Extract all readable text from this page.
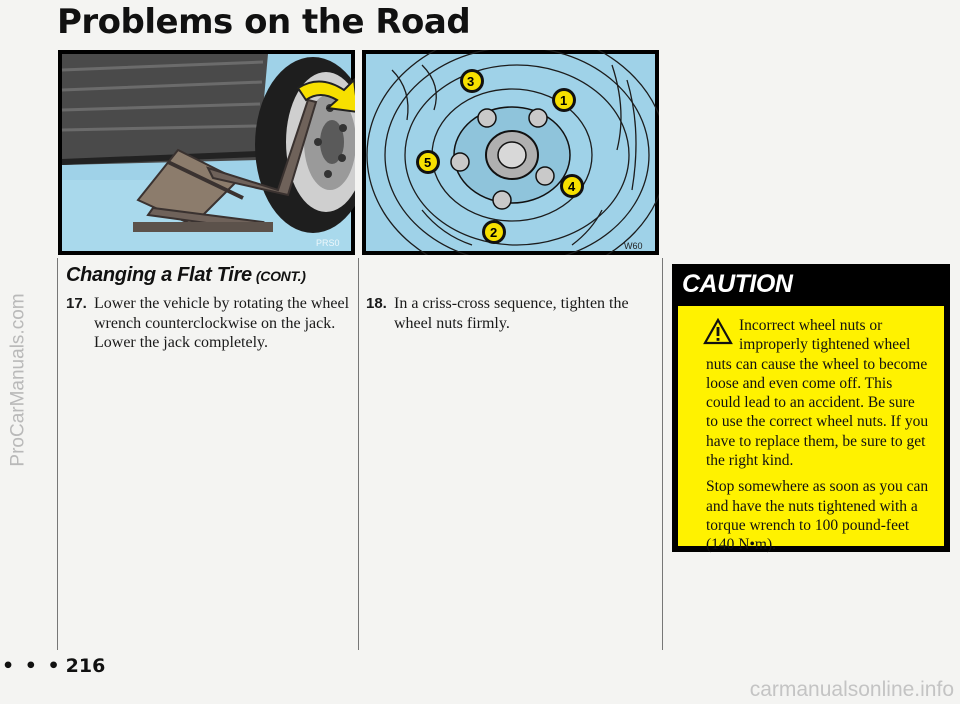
ProCarManuals.com
Problems on the Road
PRS0
3
1
5
4
2
W60
Changing a Flat Tire (CONT.)
17. Lower the vehicle by rotating the wheel wrench counterclockwise on the jack. Lower the jack completely.
18. In a criss-cross sequence, tighten the wheel nuts firmly.
CAUTION

Incorrect wheel nuts or improperly tightened wheel nuts can cause the wheel to become loose and even come off. This could lead to an accident. Be sure to use the correct wheel nuts. If you have to replace them, be sure to get the right kind.

Stop somewhere as soon as you can and have the nuts tightened with a torque wrench to 100 pound-feet (140 N•m).

• • • 216
carmanualsonline.info
